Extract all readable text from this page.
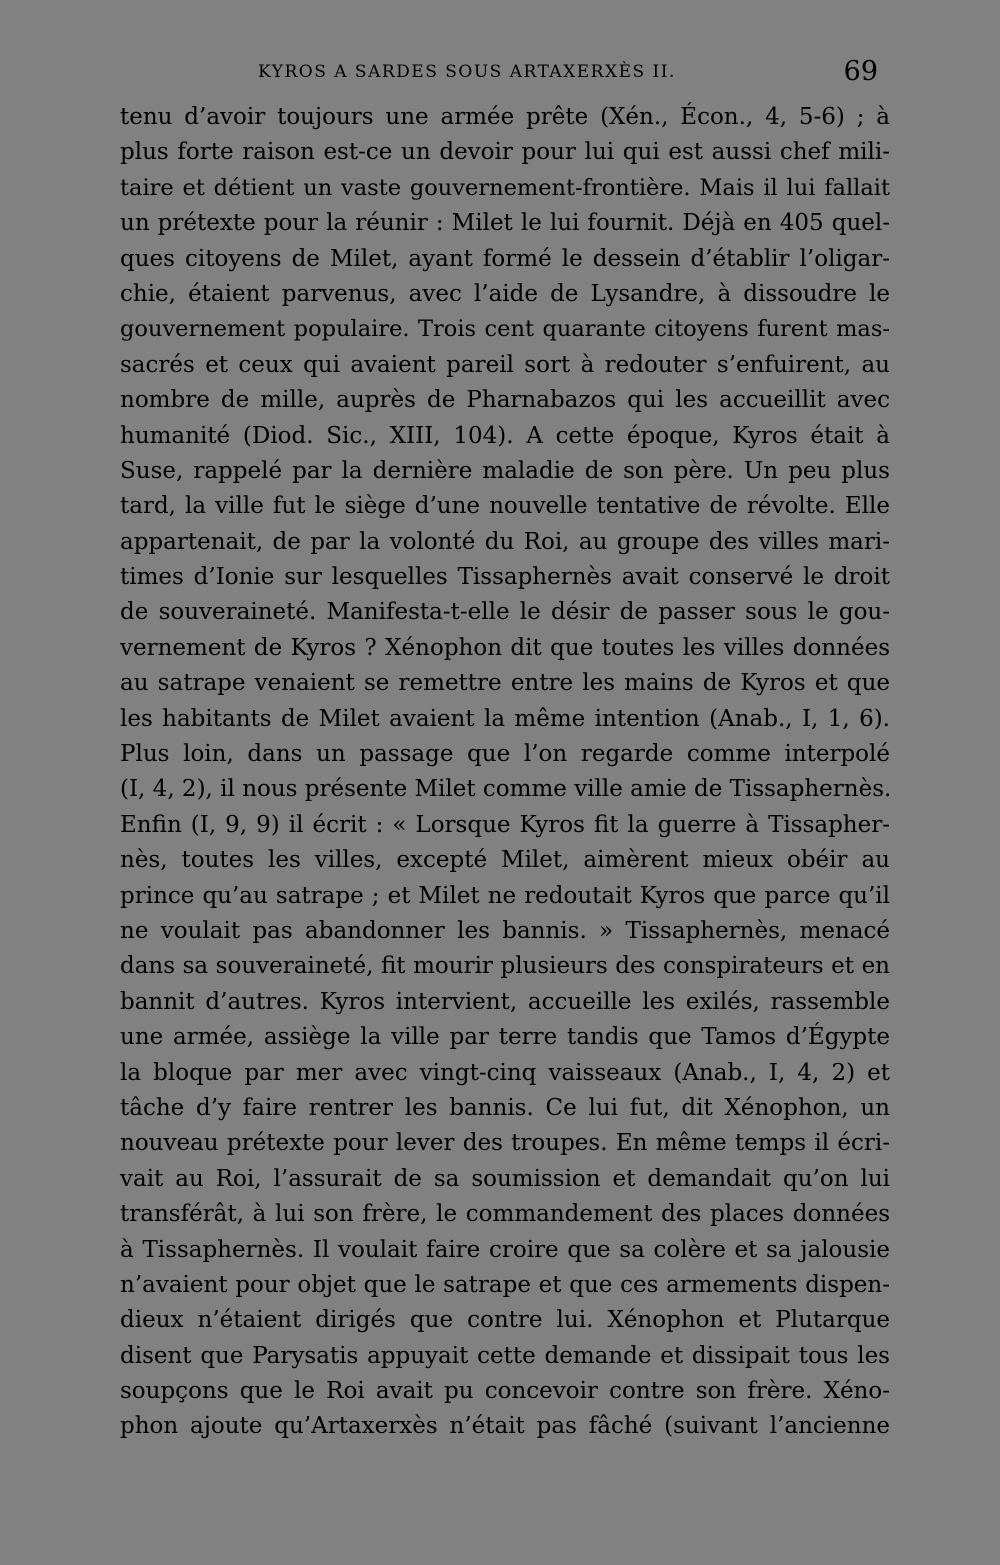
KYROS A SARDES SOUS ARTAXERXÈS II.	69
tenu d’avoir toujours une armée prête (Xén., Écon., 4, 5-6) ; à
plus forte raison est-ce un devoir pour lui qui est aussi chef mili-
taire et détient un vaste gouvernement-frontière. Mais il lui fallait
un prétexte pour la réunir : Milet le lui fournit. Déjà en 405 quel-
ques citoyens de Milet, ayant formé le dessein d’établir l’oligar-
chie, étaient parvenus, avec l’aide de Lysandre, à dissoudre le
gouvernement populaire. Trois cent quarante citoyens furent mas-
sacrés et ceux qui avaient pareil sort à redouter s’enfuirent, au
nombre de mille, auprès de Pharnabazos qui les accueillit avec
humanité (Diod. Sic., XIII, 104). A cette époque, Kyros était à
Suse, rappelé par la dernière maladie de son père. Un peu plus
tard, la ville fut le siège d’une nouvelle tentative de révolte. Elle
appartenait, de par la volonté du Roi, au groupe des villes mari-
times d’Ionie sur lesquelles Tissaphernès avait conservé le droit
de souveraineté. Manifesta-t-elle le désir de passer sous le gou-
vernement de Kyros ? Xénophon dit que toutes les villes données
au satrape venaient se remettre entre les mains de Kyros et que
les habitants de Milet avaient la même intention (Anab., I, 1, 6).
Plus loin, dans un passage que l’on regarde comme interpolé
(I, 4, 2), il nous présente Milet comme ville amie de Tissaphernès.
Enfin (I, 9, 9) il écrit : « Lorsque Kyros fit la guerre à Tissapher-
nès, toutes les villes, excepté Milet, aimèrent mieux obéir au
prince qu’au satrape ; et Milet ne redoutait Kyros que parce qu’il
ne voulait pas abandonner les bannis. » Tissaphernès, menacé
dans sa souveraineté, fit mourir plusieurs des conspirateurs et en
bannit d’autres. Kyros intervient, accueille les exilés, rassemble
une armée, assiège la ville par terre tandis que Tamos d’Égypte
la bloque par mer avec vingt-cinq vaisseaux (Anab., I, 4, 2) et
tâche d’y faire rentrer les bannis. Ce lui fut, dit Xénophon, un
nouveau prétexte pour lever des troupes. En même temps il écri-
vait au Roi, l’assurait de sa soumission et demandait qu’on lui
transférât, à lui son frère, le commandement des places données
à Tissaphernès. Il voulait faire croire que sa colère et sa jalousie
n’avaient pour objet que le satrape et que ces armements dispen-
dieux n’étaient dirigés que contre lui. Xénophon et Plutarque
disent que Parysatis appuyait cette demande et dissipait tous les
soupçons que le Roi avait pu concevoir contre son frère. Xéno-
phon ajoute qu’Artaxerxès n’était pas fâché (suivant l’ancienne
